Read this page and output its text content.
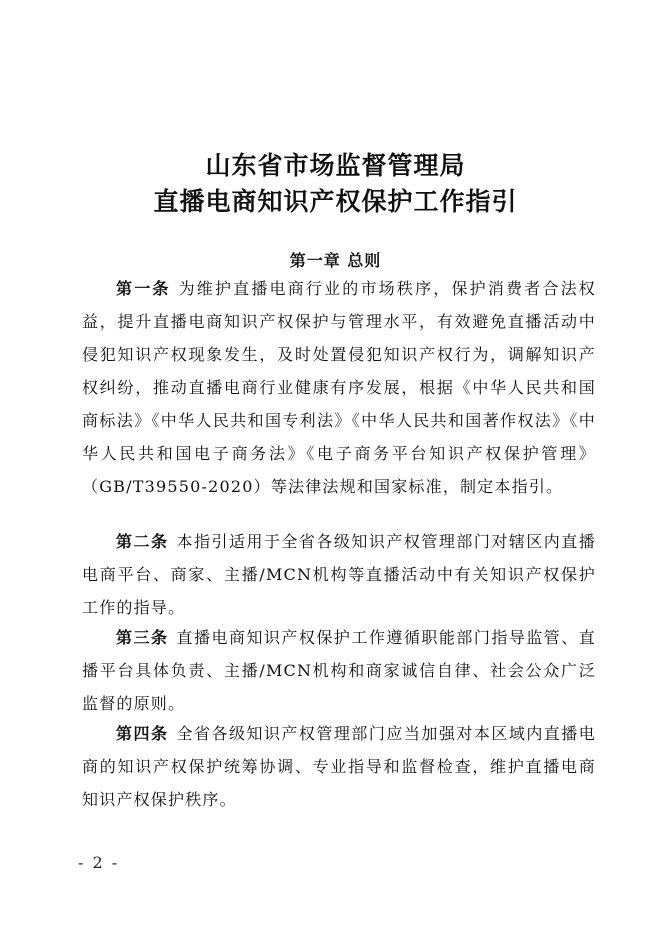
山东省市场监督管理局
直播电商知识产权保护工作指引
第一章 总则

第一条 为维护直播电商行业的市场秩序，保护消费者合法权益，提升直播电商知识产权保护与管理水平，有效避免直播活动中侵犯知识产权现象发生，及时处置侵犯知识产权行为，调解知识产权纠纷，推动直播电商行业健康有序发展，根据《中华人民共和国商标法》《中华人民共和国专利法》《中华人民共和国著作权法》《中华人民共和国电子商务法》《电子商务平台知识产权保护管理》（GB/T39550-2020）等法律法规和国家标准，制定本指引。

第二条 本指引适用于全省各级知识产权管理部门对辖区内直播电商平台、商家、主播/MCN机构等直播活动中有关知识产权保护工作的指导。

第三条 直播电商知识产权保护工作遵循职能部门指导监管、直播平台具体负责、主播/MCN机构和商家诚信自律、社会公众广泛监督的原则。

第四条 全省各级知识产权管理部门应当加强对本区域内直播电商的知识产权保护统筹协调、专业指导和监督检查，维护直播电商知识产权保护秩序。

- 2 -
